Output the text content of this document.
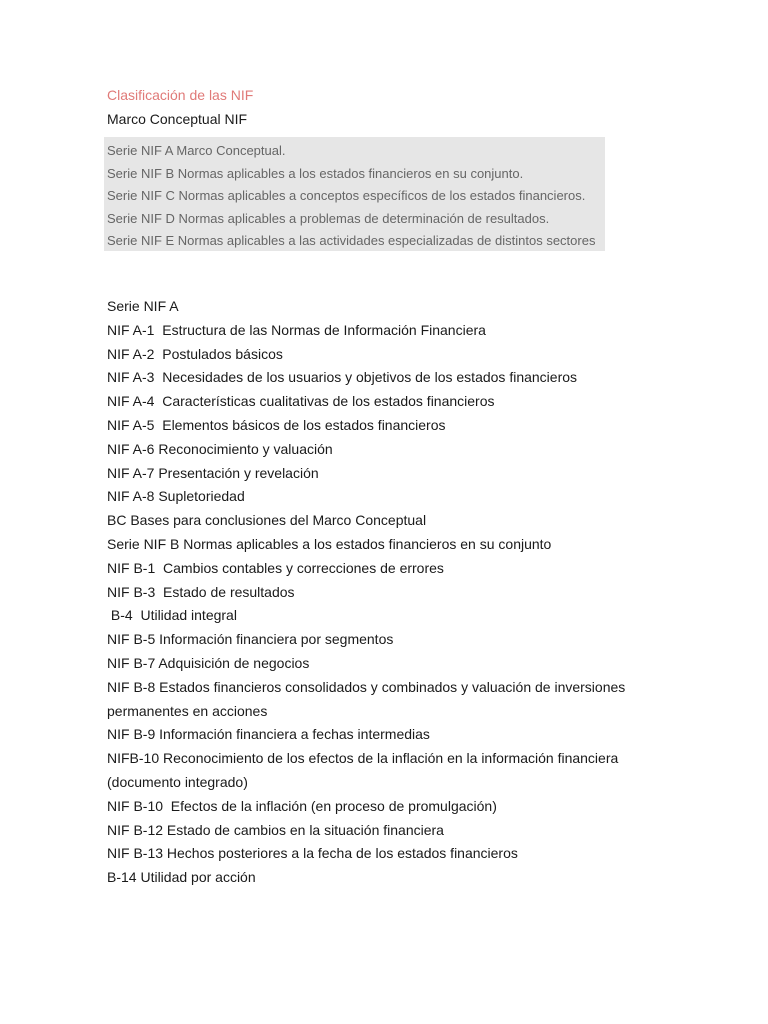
Clasificación de las NIF
Marco Conceptual NIF
Serie NIF A Marco Conceptual.
Serie NIF B Normas aplicables a los estados financieros en su conjunto.
Serie NIF C Normas aplicables a conceptos específicos de los estados financieros.
Serie NIF D Normas aplicables a problemas de determinación de resultados.
Serie NIF E Normas aplicables a las actividades especializadas de distintos sectores
Serie NIF A
NIF A-1  Estructura de las Normas de Información Financiera
NIF A-2  Postulados básicos
NIF A-3  Necesidades de los usuarios y objetivos de los estados financieros
NIF A-4  Características cualitativas de los estados financieros
NIF A-5  Elementos básicos de los estados financieros
NIF A-6 Reconocimiento y valuación
NIF A-7 Presentación y revelación
NIF A-8 Supletoriedad
BC Bases para conclusiones del Marco Conceptual
Serie NIF B Normas aplicables a los estados financieros en su conjunto
NIF B-1  Cambios contables y correcciones de errores
NIF B-3  Estado de resultados
B-4  Utilidad integral
NIF B-5 Información financiera por segmentos
NIF B-7 Adquisición de negocios
NIF B-8 Estados financieros consolidados y combinados y valuación de inversiones permanentes en acciones
NIF B-9 Información financiera a fechas intermedias
NIFB-10 Reconocimiento de los efectos de la inflación en la información financiera (documento integrado)
NIF B-10  Efectos de la inflación (en proceso de promulgación)
NIF B-12 Estado de cambios en la situación financiera
NIF B-13 Hechos posteriores a la fecha de los estados financieros
B-14 Utilidad por acción
